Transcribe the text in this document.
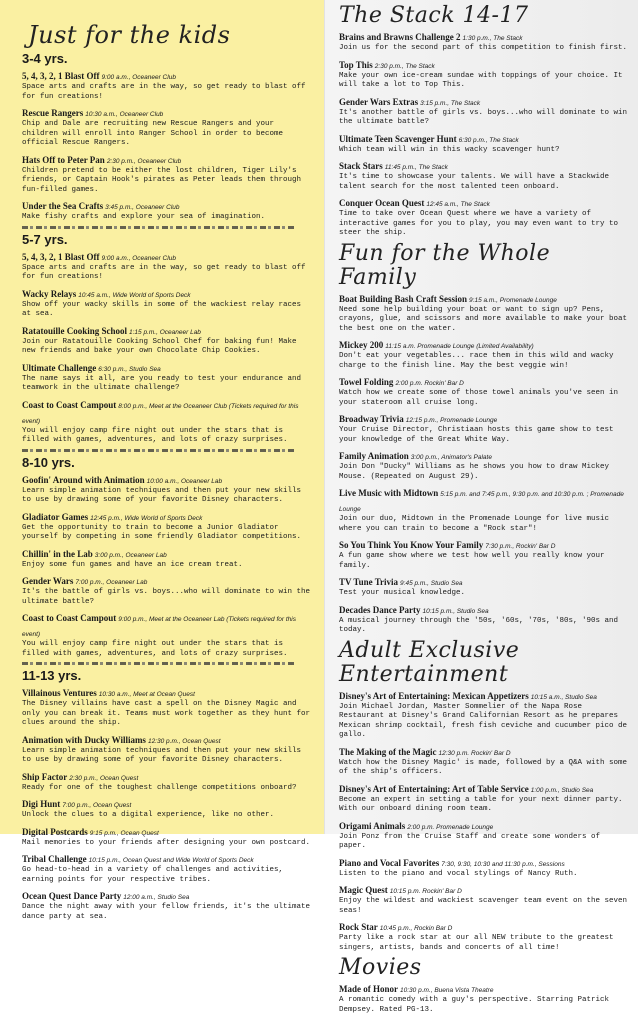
Just for the kids
3-4 yrs.
5, 4, 3, 2, 1 Blast Off 9:00 a.m., Oceaneer Club
Space arts and crafts are in the way, so get ready to blast off for fun creations!
Rescue Rangers 10:30 a.m., Oceaneer Club
Chip and Dale are recruiting new Rescue Rangers and your children will enroll into Ranger School in order to become official Rescue Rangers.
Hats Off to Peter Pan 2:30 p.m., Oceaneer Club
Children pretend to be either the lost children, Tiger Lily's friends, or Captain Hook's pirates as Peter leads them through fun-filled games.
Under the Sea Crafts 3:45 p.m., Oceaneer Club
Make fishy crafts and explore your sea of imagination.
5-7 yrs.
5, 4, 3, 2, 1 Blast Off 9:00 a.m., Oceaneer Club
Space arts and crafts are in the way, so get ready to blast off for fun creations!
Wacky Relays 10:45 a.m., Wide World of Sports Deck
Show off your wacky skills in some of the wackiest relay races at sea.
Ratatouille Cooking School 1:15 p.m., Oceaneer Lab
Join our Ratatouille Cooking School Chef for baking fun! Make new friends and bake your own Chocolate Chip Cookies.
Ultimate Challenge 6:30 p.m., Studio Sea
The name says it all, are you ready to test your endurance and teamwork in the ultimate challenge?
Coast to Coast Campout 8:00 p.m., Meet at the Oceaneer Club (Tickets required for this event)
You will enjoy camp fire night out under the stars that is filled with games, adventures, and lots of crazy surprises.
8-10 yrs.
Goofin' Around with Animation 10:00 a.m., Oceaneer Lab
Learn simple animation techniques and then put your new skills to use by drawing some of your favorite Disney characters.
Gladiator Games 12:45 p.m., Wide World of Sports Deck
Get the opportunity to train to become a Junior Gladiator yourself by competing in some friendly Gladiator competitions.
Chillin' in the Lab 3:00 p.m., Oceaneer Lab
Enjoy some fun games and have an ice cream treat.
Gender Wars 7:00 p.m., Oceaneer Lab
It's the battle of girls vs. boys...who will dominate to win the ultimate battle?
Coast to Coast Campout 9:00 p.m., Meet at the Oceaneer Lab (Tickets required for this event)
You will enjoy camp fire night out under the stars that is filled with games, adventures, and lots of crazy surprises.
11-13 yrs.
Villainous Ventures 10:30 a.m., Meet at Ocean Quest
The Disney villains have cast a spell on the Disney Magic and only you can break it. Teams must work together as they hunt for clues around the ship.
Animation with Ducky Williams 12:30 p.m., Ocean Quest
Learn simple animation techniques and then put your new skills to use by drawing some of your favorite Disney characters.
Ship Factor 2:30 p.m., Ocean Quest
Ready for one of the toughest challenge competitions onboard?
Digi Hunt 7:00 p.m., Ocean Quest
Unlock the clues to a digital experience, like no other.
Digital Postcards 9:15 p.m., Ocean Quest
Mail memories to your friends after designing your own postcard.
Tribal Challenge 10:15 p.m., Ocean Quest and Wide World of Sports Deck
Go head-to-head in a variety of challenges and activities, earning points for your respective tribes.
Ocean Quest Dance Party 12:00 a.m., Studio Sea
Dance the night away with your fellow friends, it's the ultimate dance party at sea.
The Stack 14-17
Brains and Brawns Challenge 2 1:30 p.m., The Stack
Join us for the second part of this competition to finish first.
Top This 2:30 p.m., The Stack
Make your own ice-cream sundae with toppings of your choice. It will take a lot to Top This.
Gender Wars Extras 3:15 p.m., The Stack
It's another battle of girls vs. boys...who will dominate to win the ultimate battle?
Ultimate Teen Scavenger Hunt 6:30 p.m., The Stack
Which team will win in this wacky scavenger hunt?
Stack Stars 11:45 p.m., The Stack
It's time to showcase your talents. We will have a Stackwide talent search for the most talented teen onboard.
Conquer Ocean Quest 12:45 a.m., The Stack
Time to take over Ocean Quest where we have a variety of interactive games for you to play, you may even want to try to steer the ship.
Fun for the Whole Family
Boat Building Bash Craft Session 9:15 a.m., Promenade Lounge
Need some help building your boat or want to sign up? Pens, crayons, glue, and scissors and more available to make your boat the best one on the water.
Mickey 200 11:15 a.m. Promenade Lounge (Limited Availability)
Don't eat your vegetables... race them in this wild and wacky charge to the finish line. May the best veggie win!
Towel Folding 2:00 p.m. Rockin' Bar D
Watch how we create some of those towel animals you've seen in your stateroom all cruise long.
Broadway Trivia 12:15 p.m., Promenade Lounge
Your Cruise Director, Christiaan hosts this game show to test your knowledge of the Great White Way.
Family Animation 3:00 p.m., Animator's Palate
Join Don "Ducky" Williams as he shows you how to draw Mickey Mouse. (Repeated on August 29).
Live Music with Midtown 5:15 p.m. and 7:45 p.m., 9:30 p.m. and 10:30 p.m. ; Promenade Lounge
Join our duo, Midtown in the Promenade Lounge for live music where you can train to become a "Rock star"!
So You Think You Know Your Family 7:30 p.m., Rockin' Bar D
A fun game show where we test how well you really know your family.
TV Tune Trivia 9:45 p.m., Studio Sea
Test your musical knowledge.
Decades Dance Party 10:15 p.m., Studio Sea
A musical journey through the '50s, '60s, '70s, '80s, '90s and today.
Adult Exclusive Entertainment
Disney's Art of Entertaining: Mexican Appetizers 10:15 a.m., Studio Sea
Join Michael Jordan, Master Sommelier of the Napa Rose Restaurant at Disney's Grand Californian Resort as he prepares Mexican shrimp cocktail, fresh fish ceviche and cucumber pico de gallo.
The Making of the Magic 12:30 p.m. Rockin' Bar D
Watch how the Disney Magic' is made, followed by a Q&A with some of the ship's officers.
Disney's Art of Entertaining: Art of Table Service 1:00 p.m., Studio Sea
Become an expert in setting a table for your next dinner party. With our onboard dining room team.
Origami Animals 2:00 p.m. Promenade Lounge
Join Ponz from the Cruise Staff and create some wonders of paper.
Piano and Vocal Favorites 7:30, 9:30, 10:30 and 11:30 p.m., Sessions
Listen to the piano and vocal stylings of Nancy Ruth.
Magic Quest 10:15 p.m. Rockin' Bar D
Enjoy the wildest and wackiest scavenger team event on the seven seas!
Rock Star 10:45 p.m., Rockin Bar D
Party like a rock star at our all NEW tribute to the greatest singers, artists, bands and concerts of all time!
Movies
Made of Honor 10:30 p.m., Buena Vista Theatre
A romantic comedy with a guy's perspective. Starring Patrick Dempsey. Rated PG-13.
